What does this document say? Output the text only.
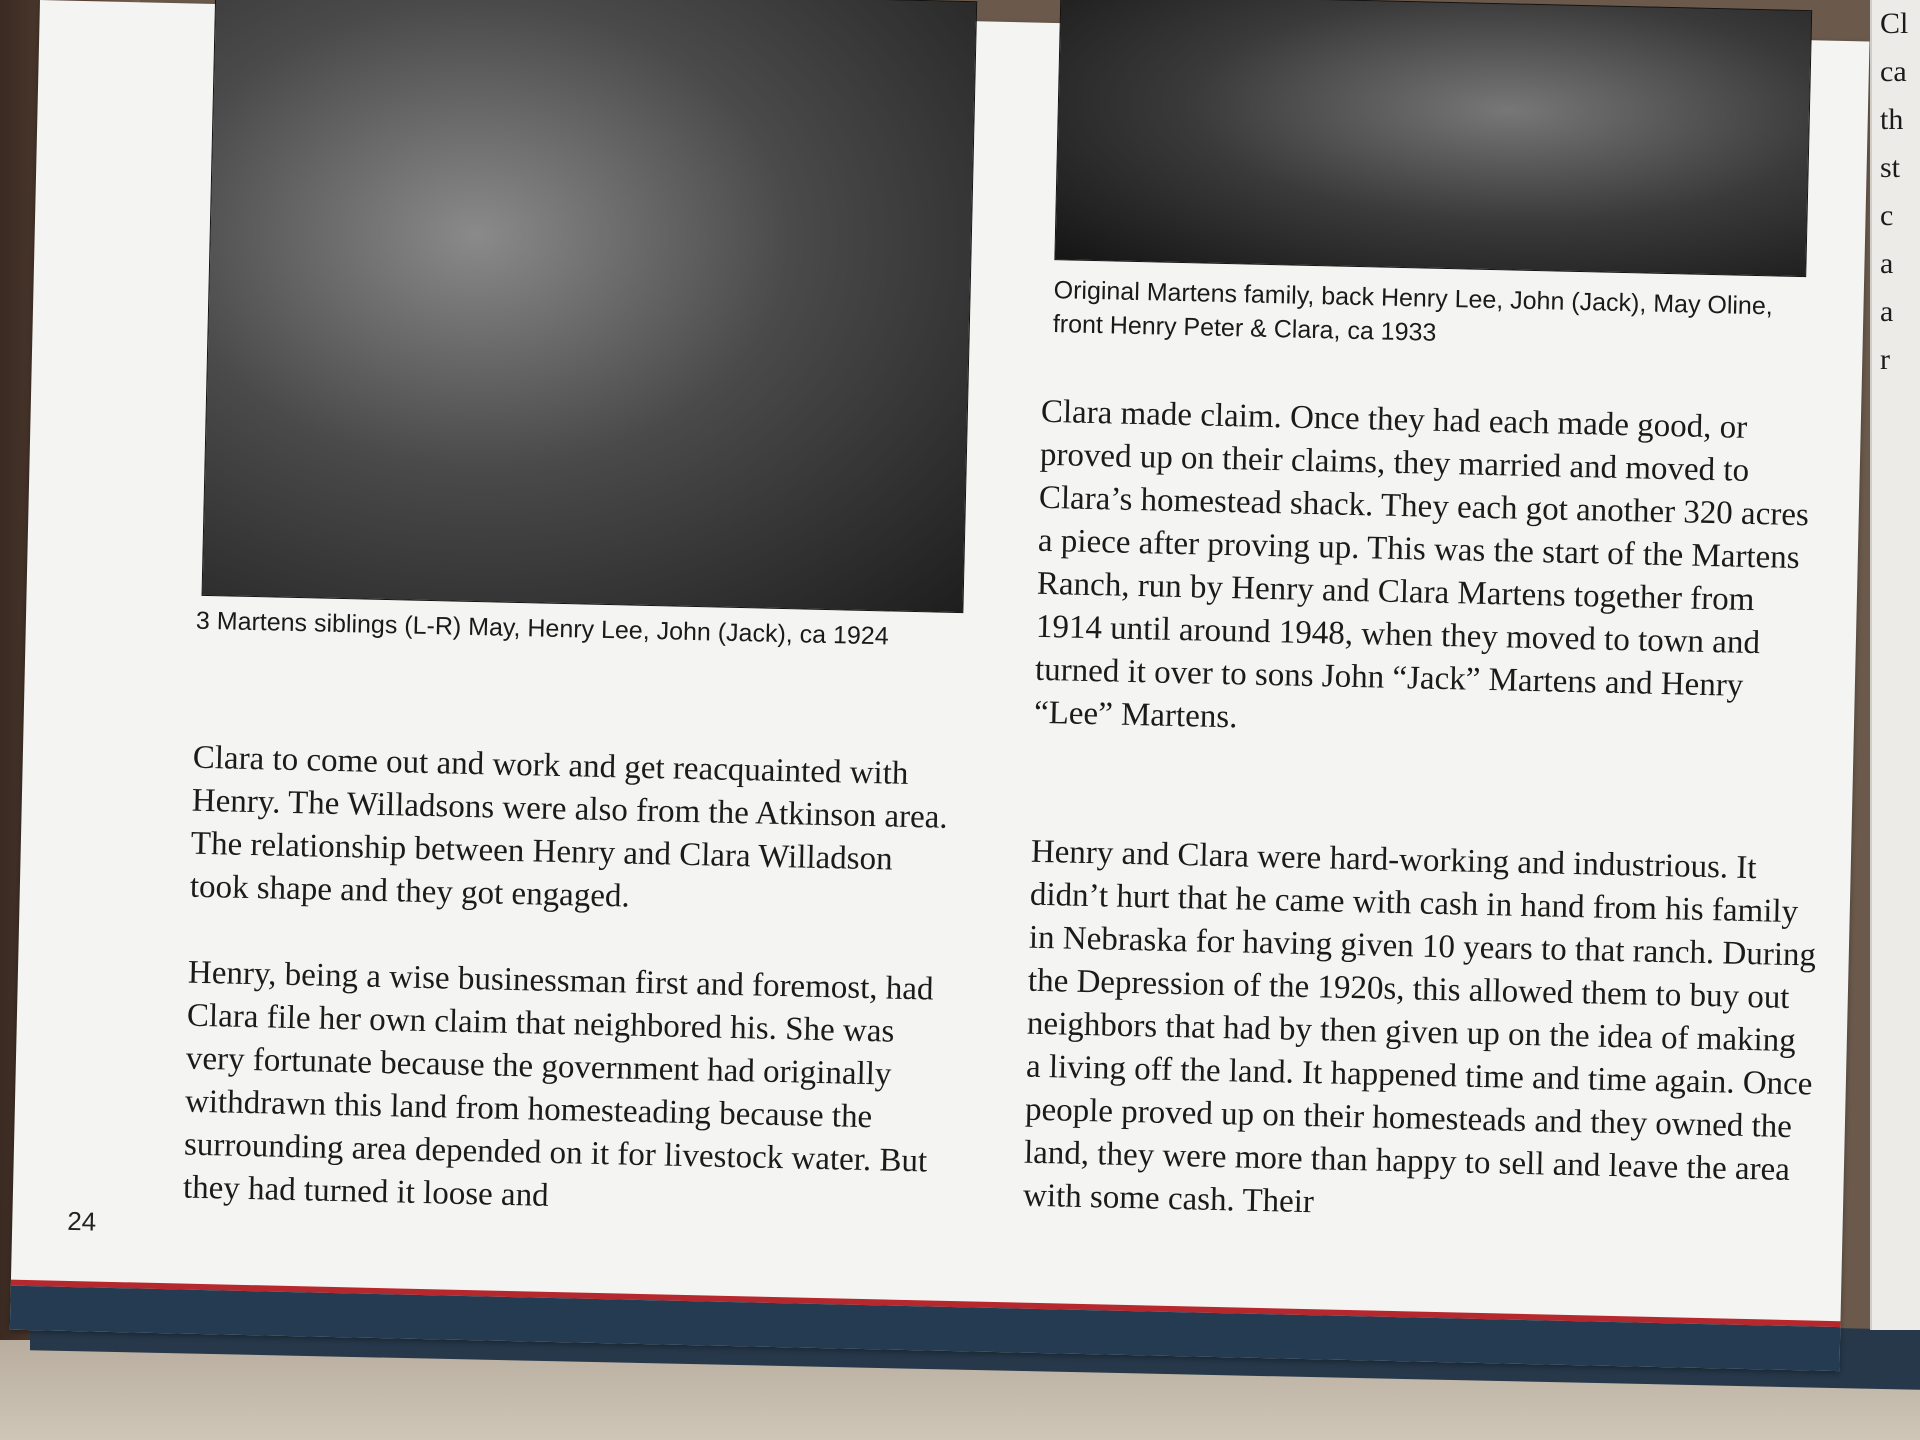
3 Martens siblings (L-R) May, Henry Lee, John (Jack), ca 1924
Original Martens family, back Henry Lee, John (Jack), May Oline, front Henry Peter & Clara, ca 1933

Clara to come out and work and get reacquainted with Henry. The Willadsons were also from the Atkinson area. The relationship between Henry and Clara Willadson took shape and they got engaged.

Henry, being a wise businessman first and foremost, had Clara file her own claim that neighbored his. She was very fortunate because the government had originally withdrawn this land from homesteading because the surrounding area depended on it for livestock water. But they had turned it loose and

Clara made claim. Once they had each made good, or proved up on their claims, they married and moved to Clara’s homestead shack. They each got another 320 acres a piece after proving up. This was the start of the Martens Ranch, run by Henry and Clara Martens together from 1914 until around 1948, when they moved to town and turned it over to sons John “Jack” Martens and Henry “Lee” Martens.

Henry and Clara were hard-working and industrious. It didn’t hurt that he came with cash in hand from his family in Nebraska for having given 10 years to that ranch. During the Depression of the 1920s, this allowed them to buy out neighbors that had by then given up on the idea of making a living off the land. It happened time and time again. Once people proved up on their homesteads and they owned the land, they were more than happy to sell and leave the area with some cash. Their

24
Cl
ca
th
st
c
a
a
r
